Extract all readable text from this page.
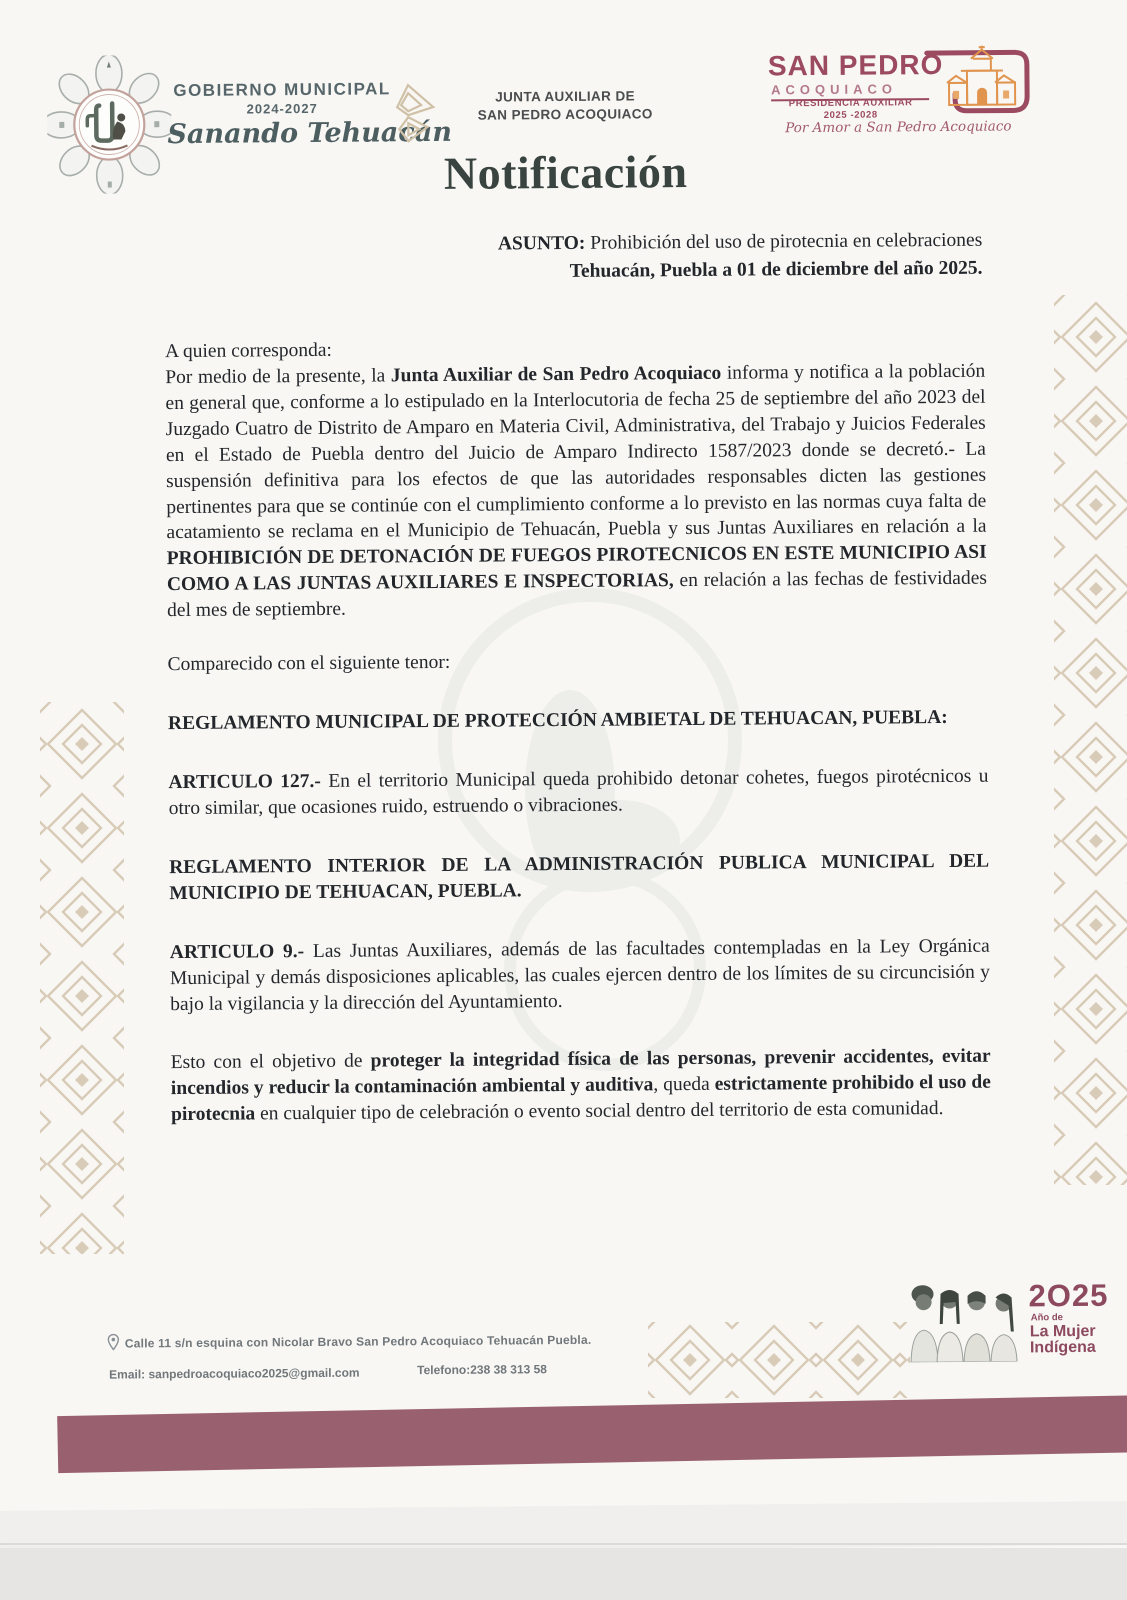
GOBIERNO MUNICIPAL
2024-2027
Sanando Tehuacán
JUNTA AUXILIAR DE
SAN PEDRO ACOQUIACO
Notificación
SAN PEDRO
ACOQUIACO
PRESIDENCIA AUXILIAR
2025 -2028
Por Amor a San Pedro Acoquiaco
ASUNTO: Prohibición del uso de pirotecnia en celebraciones
Tehuacán, Puebla a 01 de diciembre del año 2025.

A quien corresponda:

Por medio de la presente, la Junta Auxiliar de San Pedro Acoquiaco informa y notifica a la población en general que, conforme a lo estipulado en la Interlocutoria de fecha 25 de septiembre del año 2023 del Juzgado Cuatro de Distrito de Amparo en Materia Civil, Administrativa, del Trabajo y Juicios Federales en el Estado de Puebla dentro del Juicio de Amparo Indirecto 1587/2023 donde se decretó.- La suspensión definitiva para los efectos de que las autoridades responsables dicten las gestiones pertinentes para que se continúe con el cumplimiento conforme a lo previsto en las normas cuya falta de acatamiento se reclama en el Municipio de Tehuacán, Puebla y sus Juntas Auxiliares en relación a la PROHIBICIÓN DE DETONACIÓN DE FUEGOS PIROTECNICOS EN ESTE MUNICIPIO ASI COMO A LAS JUNTAS AUXILIARES E INSPECTORIAS, en relación a las fechas de festividades del mes de septiembre.

Comparecido con el siguiente tenor:

REGLAMENTO MUNICIPAL DE PROTECCIÓN AMBIETAL DE TEHUACAN, PUEBLA:

ARTICULO 127.- En el territorio Municipal queda prohibido detonar cohetes, fuegos pirotécnicos u otro similar, que ocasiones ruido, estruendo o vibraciones.

REGLAMENTO INTERIOR DE LA ADMINISTRACIÓN PUBLICA MUNICIPAL DEL MUNICIPIO DE TEHUACAN, PUEBLA.

ARTICULO 9.- Las Juntas Auxiliares, además de las facultades contempladas en la Ley Orgánica Municipal y demás disposiciones aplicables, las cuales ejercen dentro de los límites de su circuncisión y bajo la vigilancia y la dirección del Ayuntamiento.

Esto con el objetivo de proteger la integridad física de las personas, prevenir accidentes, evitar incendios y reducir la contaminación ambiental y auditiva, queda estrictamente prohibido el uso de pirotecnia en cualquier tipo de celebración o evento social dentro del territorio de esta comunidad.

Calle 11 s/n esquina con Nicolar Bravo San Pedro Acoquiaco Tehuacán Puebla.
Email: sanpedroacoquiaco2025@gmail.com	Telefono:238 38 313 58
2O25
Año de
La Mujer
Indígena
